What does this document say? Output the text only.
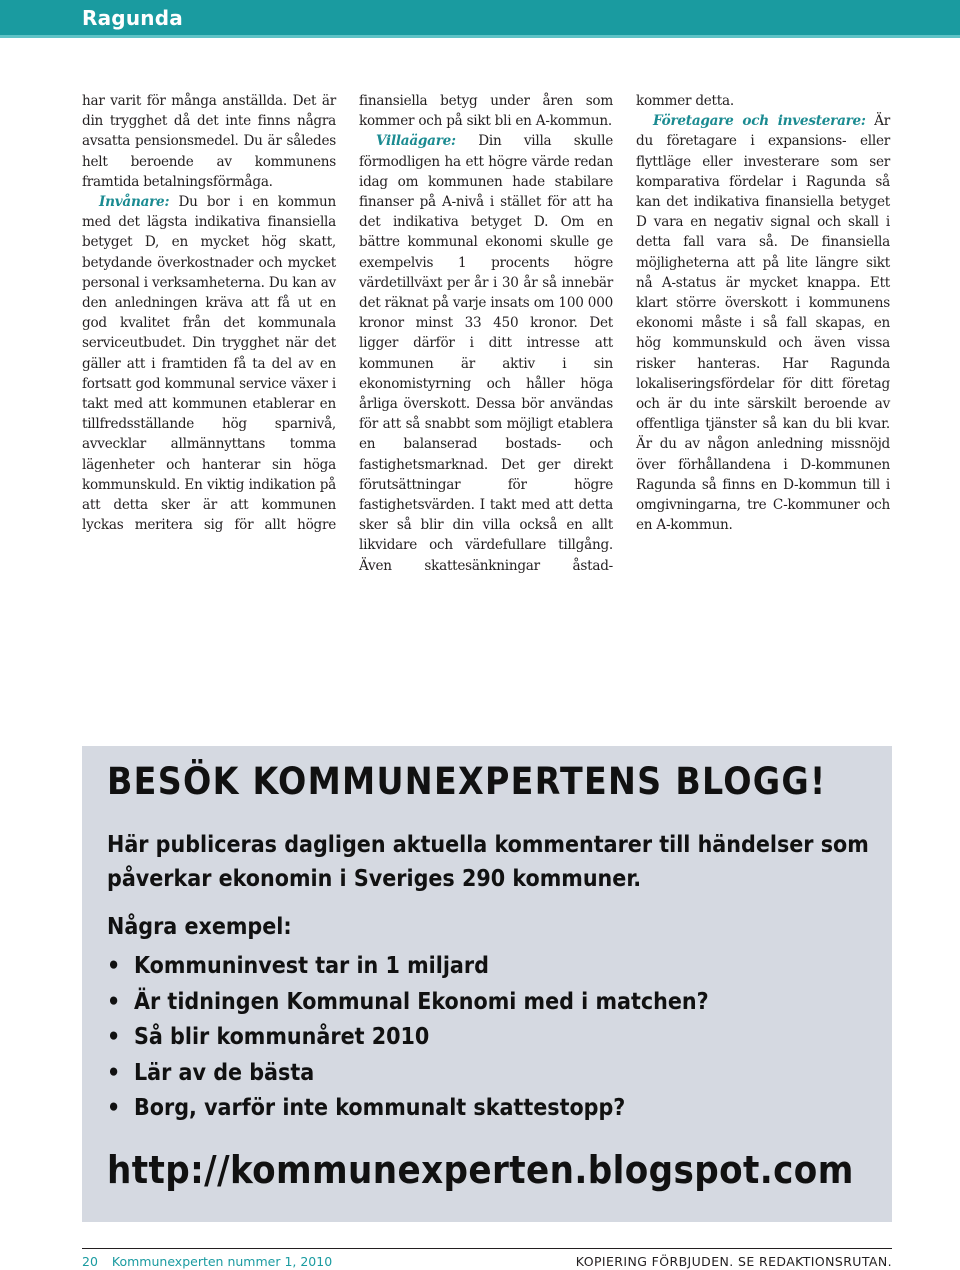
Ragunda

har varit för många anställda. Det är din trygghet då det inte finns några avsatta pensionsmedel. Du är således helt beroende av kommunens framtida betalningsförmåga.

Invånare: Du bor i en kommun med det lägsta indikativa finansiella betyget D, en mycket hög skatt, betydande överkostnader och mycket personal i verksamheterna. Du kan av den anledningen kräva att få ut en god kvalitet från det kommunala serviceutbudet. Din trygghet när det gäller att i framtiden få ta del av en fortsatt god kommunal service växer i takt med att kommunen etablerar en tillfredsställande hög sparnivå, avvecklar allmännyttans tomma lägenheter och hanterar sin höga kommunskuld. En viktig indikation på att detta sker är att kommunen lyckas meritera sig för allt högre

finansiella betyg under åren som kommer och på sikt bli en A-kommun.

Villaägare: Din villa skulle förmodligen ha ett högre värde redan idag om kommunen hade stabilare finanser på A-nivå i stället för att ha det indikativa betyget D. Om en bättre kommunal ekonomi skulle ge exempelvis 1 procents högre värdetillväxt per år i 30 år så innebär det räknat på varje insats om 100 000 kronor minst 33 450 kronor. Det ligger därför i ditt intresse att kommunen är aktiv i sin ekonomistyrning och håller höga årliga överskott. Dessa bör användas för att så snabbt som möjligt etablera en balanserad bostads- och fastighetsmarknad. Det ger direkt förutsättningar för högre fastighetsvärden. I takt med att detta sker så blir din villa också en allt likvidare och värdefullare tillgång. Även skattesänkningar åstad-

kommer detta.

Företagare och investerare: Är du företagare i expansions- eller flyttläge eller investerare som ser komparativa fördelar i Ragunda så kan det indikativa finansiella betyget D vara en negativ signal och skall i detta fall vara så. De finansiella möjligheterna att på lite längre sikt nå A-status är mycket knappa. Ett klart större överskott i kommunens ekonomi måste i så fall skapas, en hög kommunskuld och även vissa risker hanteras. Har Ragunda lokaliseringsfördelar för ditt företag och är du inte särskilt beroende av offentliga tjänster så kan du bli kvar. Är du av någon anledning missnöjd över förhållandena i D-kommunen Ragunda så finns en D-kommun till i omgivningarna, tre C-kommuner och en A-kommun.

BESÖK KOMMUNEXPERTENS BLOGG!
Här publiceras dagligen aktuella kommentarer till händelser som
påverkar ekonomin i Sveriges 290 kommuner.
Några exempel:
• Kommuninvest tar in 1 miljard
• Är tidningen Kommunal Ekonomi med i matchen?
• Så blir kommunåret 2010
• Lär av de bästa
• Borg, varför inte kommunalt skattestopp?
http://kommunexperten.blogspot.com
20 Kommunexperten nummer 1, 2010	KOPIERING FÖRBJUDEN. SE REDAKTIONSRUTAN.
